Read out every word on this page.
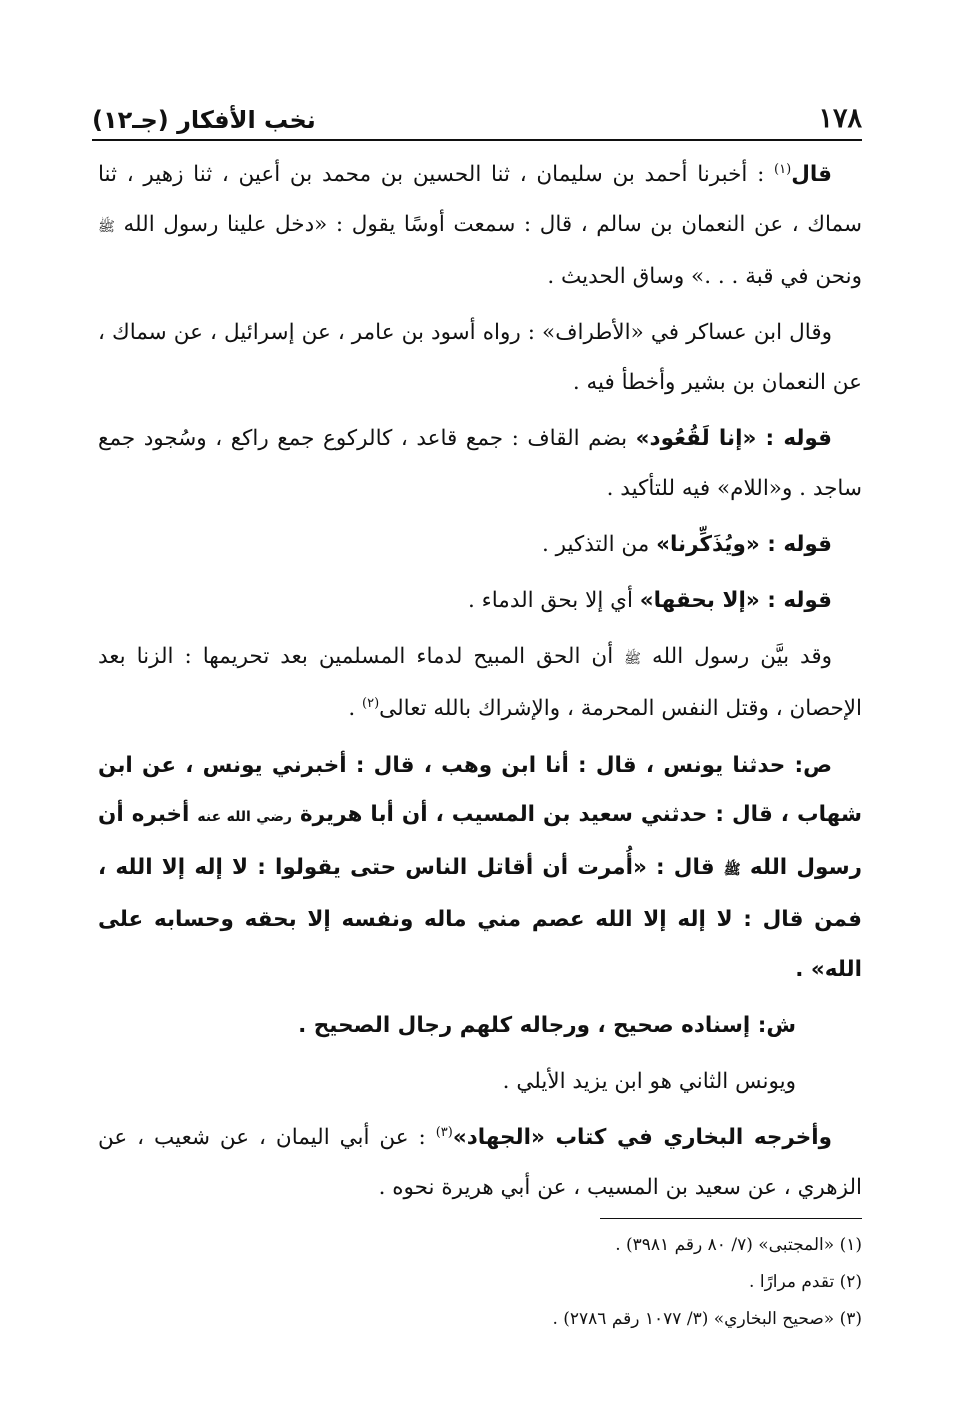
١٧٨
نخب الأفكار (جـ١٢)

قال$^{(١)}$ : أخبرنا أحمد بن سليمان ، ثنا الحسين بن محمد بن أعين ، ثنا زهير ، ثنا سماك ، عن النعمان بن سالم ، قال : سمعت أوسًا يقول : «دخل علينا رسول الله ﷺ ونحن في قبة . . .» وساق الحديث .

وقال ابن عساكر في «الأطراف» : رواه أسود بن عامر ، عن إسرائيل ، عن سماك ، عن النعمان بن بشير وأخطأ فيه .

قوله : «إنا لَقُعُود» بضم القاف : جمع قاعد ، كالركوع جمع راكع ، وسُجود جمع ساجد . و«اللام» فيه للتأكيد .

قوله : «ويُذَكِّرنا» من التذكير .

قوله : «إلا بحقها» أي إلا بحق الدماء .

وقد بيَّن رسول الله ﷺ أن الحق المبيح لدماء المسلمين بعد تحريمها : الزنا بعد الإحصان ، وقتل النفس المحرمة ، والإشراك بالله تعالى$^{(٢)}$ .

ص: حدثنا يونس ، قال : أنا ابن وهب ، قال : أخبرني يونس ، عن ابن شهاب ، قال : حدثني سعيد بن المسيب ، أن أبا هريرة رضي الله عنه أخبره أن رسول الله ﷺ قال : «أُمرت أن أقاتل الناس حتى يقولوا : لا إله إلا الله ، فمن قال : لا إله إلا الله عصم مني ماله ونفسه إلا بحقه وحسابه على الله» .

ش: إسناده صحيح ، ورجاله كلهم رجال الصحيح .

ويونس الثاني هو ابن يزيد الأيلي .

وأخرجه البخاري في كتاب «الجهاد»$^{(٣)}$ : عن أبي اليمان ، عن شعيب ، عن الزهري ، عن سعيد بن المسيب ، عن أبي هريرة نحوه .

(١) «المجتبى» (٧/ ٨٠ رقم ٣٩٨١) .
(٢) تقدم مرارًا .
(٣) «صحيح البخاري» (٣/ ١٠٧٧ رقم ٢٧٨٦) .
